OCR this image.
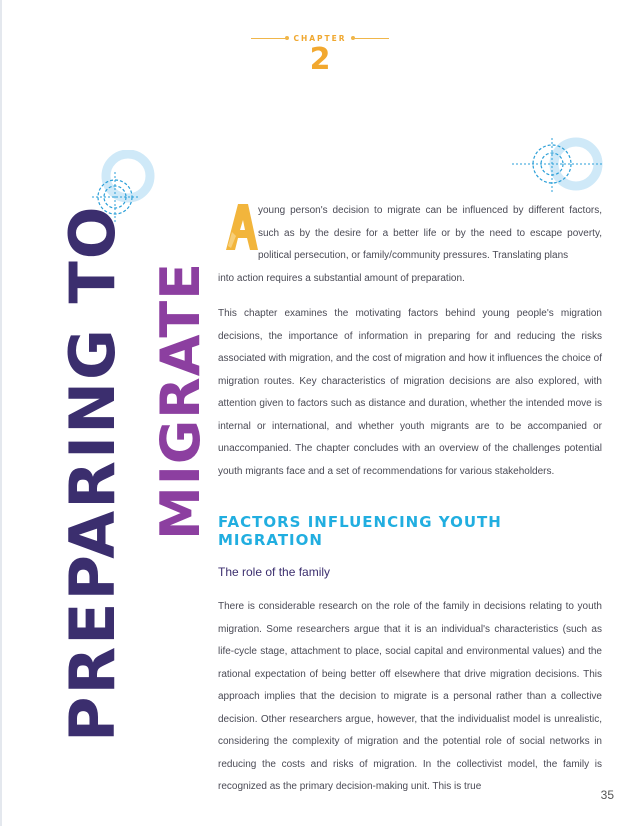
CHAPTER
2
PREPARING TO MIGRATE
A

young person's decision to migrate can be influenced by different factors, such as by the desire for a better life or by the need to escape poverty, political persecution, or family/community pressures. Translating plans

into action requires a substantial amount of preparation.

This chapter examines the motivating factors behind young people's migration decisions, the importance of information in preparing for and reducing the risks associated with migration, and the cost of migration and how it influences the choice of migration routes. Key characteristics of migration decisions are also explored, with attention given to factors such as distance and duration, whether the intended move is internal or international, and whether youth migrants are to be accompanied or unaccompanied. The chapter concludes with an overview of the challenges potential youth migrants face and a set of recommendations for various stakeholders.

FACTORS INFLUENCING YOUTH MIGRATION

The role of the family

There is considerable research on the role of the family in decisions relating to youth migration. Some researchers argue that it is an individual's characteristics (such as life-cycle stage, attachment to place, social capital and environmental values) and the rational expectation of being better off elsewhere that drive migration decisions. This approach implies that the decision to migrate is a personal rather than a collective decision. Other researchers argue, however, that the individualist model is unrealistic, considering the complexity of migration and the potential role of social networks in reducing the costs and risks of migration. In the collectivist model, the family is recognized as the primary decision-making unit. This is true

35
